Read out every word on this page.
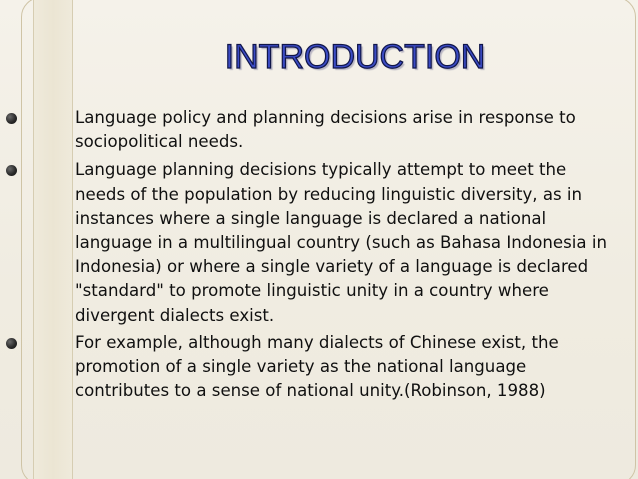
INTRODUCTION
Language policy and planning decisions arise in response to sociopolitical needs.
Language planning decisions typically attempt to meet the needs of the population by reducing linguistic diversity, as in instances where a single language is declared a national language in a multilingual country (such as Bahasa Indonesia in Indonesia) or where a single variety of a language is declared "standard" to promote linguistic unity in a country where divergent dialects exist.
For example, although many dialects of Chinese exist, the promotion of a single variety as the national language contributes to a sense of national unity.(Robinson, 1988)
